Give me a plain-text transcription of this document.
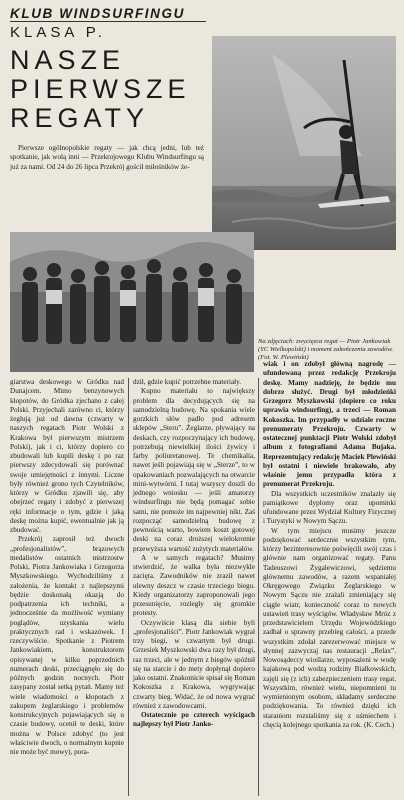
KLUB WINDSURFINGU
KLASA P.
NASZE
PIERWSZE
REGATY

Pierwsze ogólnopolskie regaty — jak chcą jedni, lub też spotkanie, jak wolą inni — Przekrojowego Klubu Windsurfingu są już za nami. Od 24 do 26 lipca Przekrój gościł miłośników że-

Na zdjęciach: zwycięzca regat — Piotr Jankowiak (YC Wielkopolski) i moment zakończenia zawodów. (Fot. W. Plewiński)

giarstwa deskowego w Gródku nad Dunajcem. Mimo benzynowych kłopotów, do Gródka zjechano z całej Polski. Przyjechali zarówno ci, którzy żeglują już od dawna (czwarty w naszych regatach Piotr Wolski z Krakowa był pierwszym mistrzem Polski), jak i ci, którzy dopiero co zbudowali lub kupili deskę i po raz pierwszy zdecydowali się porównać swoje umiejętności z innymi. Liczne były również grono tych Czytelników, którzy w Gródku zjawili się, aby obejrzeć regaty i zdobyć z pierwszej ręki informacje o tym, gdzie i jaką deskę można kupić, ewentualnie jak ją zbudować.

Przekrój zaprosił też dwoch „profesjonalistów”, brązowych medalistów ostatnich mistrzostw Polski, Piotra Jankowiaka i Grzegorza Myszkowskiego. Wychodziliśmy z założenia, że kontakt z najlepszymi będzie doskonałą okazją do podpatrzenia ich techniki, a jednocześnie da możliwość wymiany poglądów, uzyskania wielu praktycznych rad i wskazówek. I rzeczywiście. Spotkanie z Piotrem Jankowiakiem, konstruktorem opisywanej w kilku poprzednich numerach deski, przeciągnęło się do późnych godzin nocnych. Piotr zasypany został setką pytań. Mamy też wiele wiadomości o kłopotach z zakupem żeglarskiego i problemów konstrukcyjnych pojawiających się u czasie budowy, ocenił te deski, które można w Polsce zdobyć (to jest właściwie dwoch, o normalnym kupnie nie może być mowy), pora-

dził, gdzie kupić potrzebne materiały.

Kupno materiału to największy problem dla decydujących się na samodzielną budowę. Na spokania wiele gorzkich słów padło pod adresem sklepów „Steru”. Żeglarze, pływający na deskach, czy rozpoczynający ich budowę, potrzebują niewielkiej ilości żywicy i farby poliuretanowej. Te chemikalia, nawet jeśli pojawiają się w „Sterze”, to w opakowaniach pozwalających na otwarcie mini-wytwórni. I tutaj wszyscy doszli do jednego wniosku — jeśli amatorzy windsurfingu nie będą pomagać sobie sami, nie pomoże im najpewniej nikt. Zaś rozpocząć samodzielną budowę z pewnością warto, bowiem koszt gotowej deski na coraz droższej wielokrotnie przewyższa wartość zużytych materiałów.

A w samych regatach? Musimy stwierdzić, że walka była niezwykle zacięta. Zawodników nie zraził nawet ulewny deszcz w czasie trzeciego biegu. Kiedy organizatorzy zaproponowali jego przesunięcie, rozległy się gromkie protesty.

Oczywiście klasą dla siebie byli „profesjonaliści”. Piotr Jankowiak wygrał trzy biegi, w czwartym był drugi. Grzesiek Myszkowski dwa razy był drugi, raz trzeci, ale w jednym z biegów spóźnił się na starcie i do mety dopłynął dopiero jako ostatni. Znakomicie spisał się Roman Kokoszka z Krakowa, wygrywając czwarty bieg. Widać, że od nowa wygrać również z zawodowcami.

Ostatecznie po czterech wyścigach najlepszy był Piotr Janko-

wiak i on zdobył główną nagrodę — ufundowaną przez redakcję Przekroju deskę. Mamy nadzieję, że będzie mu dobrze służyć. Drugi był młodzieńki Grzegorz Myszkowski (dopiero co roku uprawia windsurfing), a trzeci — Roman Kokoszka. Im przypadły w udziale roczne prenumeraty Przekroju. Czwarty w ostatecznej punktacji Piotr Wolski zdobył album z fotografiami Adama Bujaka. Reprezentujący redakcję Maciek Plewiński był ostatni i niewiele brakowało, aby właśnie jemu przypadła która z prenumerat Przekroju.

Dla wszystkich uczestników znalazły się pamiątkowe dyplomy oraz upominki ufundowane przez Wydział Kultury Fizycznej i Turystyki w Nowym Sączu.

W tym miejscu musimy jeszcze podziękować serdecznie wszystkim tym, którzy bezinteresownie poświęcili swój czas i głównie nam organizować regaty. Panu Tadeuszowi Żygalewiczowi, sędziemu głównemu zawodów, a razem wspaniałej Okręgowego Związku Żeglarskiego w Nowym Sączu nie zrażali zmieniający się ciągle wiatr, konieczność coraz to nowych ustawień trasy wyścigów. Władysław Mróz z przedstawicielem Urzędu Wojewódzkiego zadbał o sprawny przebieg całości, a przede wszystkim zdołał zarezerwować miejsce w słynnej zazwyczaj nas restauracji „Relax”. Nowosądeccy wioślarze, wyposażeni w wodę kajakową pod wodzą rodziny Białkowskich, zajęli się (z ich) zabezpieczeniem trasy regat. Wszystkim, również wielu, niepomnieni tu wymienionym osobom, składamy serdeczne podziękowania. To również dzięki ich staraniom rozstaliśmy się z uśmiechem i chęcią kolejnego spotkania za rok. (K. Cech.)
